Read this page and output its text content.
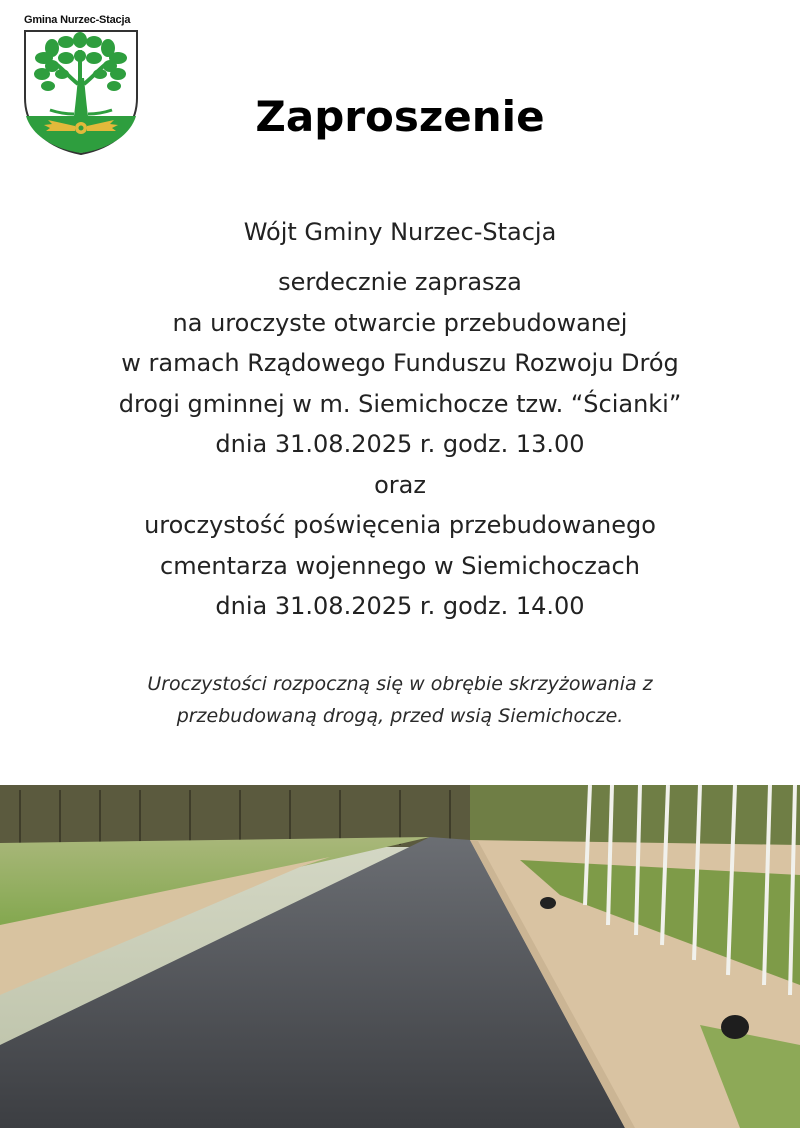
Gmina Nurzec-Stacja
Zaproszenie
Wójt Gminy Nurzec-Stacja
serdecznie zaprasza
na uroczyste otwarcie przebudowanej
w ramach Rządowego Funduszu Rozwoju Dróg
drogi gminnej w m. Siemichocze tzw. “Ścianki”
dnia 31.08.2025 r. godz. 13.00
oraz
uroczystość poświęcenia przebudowanego
cmentarza wojennego w Siemichoczach
dnia 31.08.2025 r. godz. 14.00
Uroczystości rozpoczną się w obrębie skrzyżowania z
przebudowaną drogą, przed wsią Siemichocze.
